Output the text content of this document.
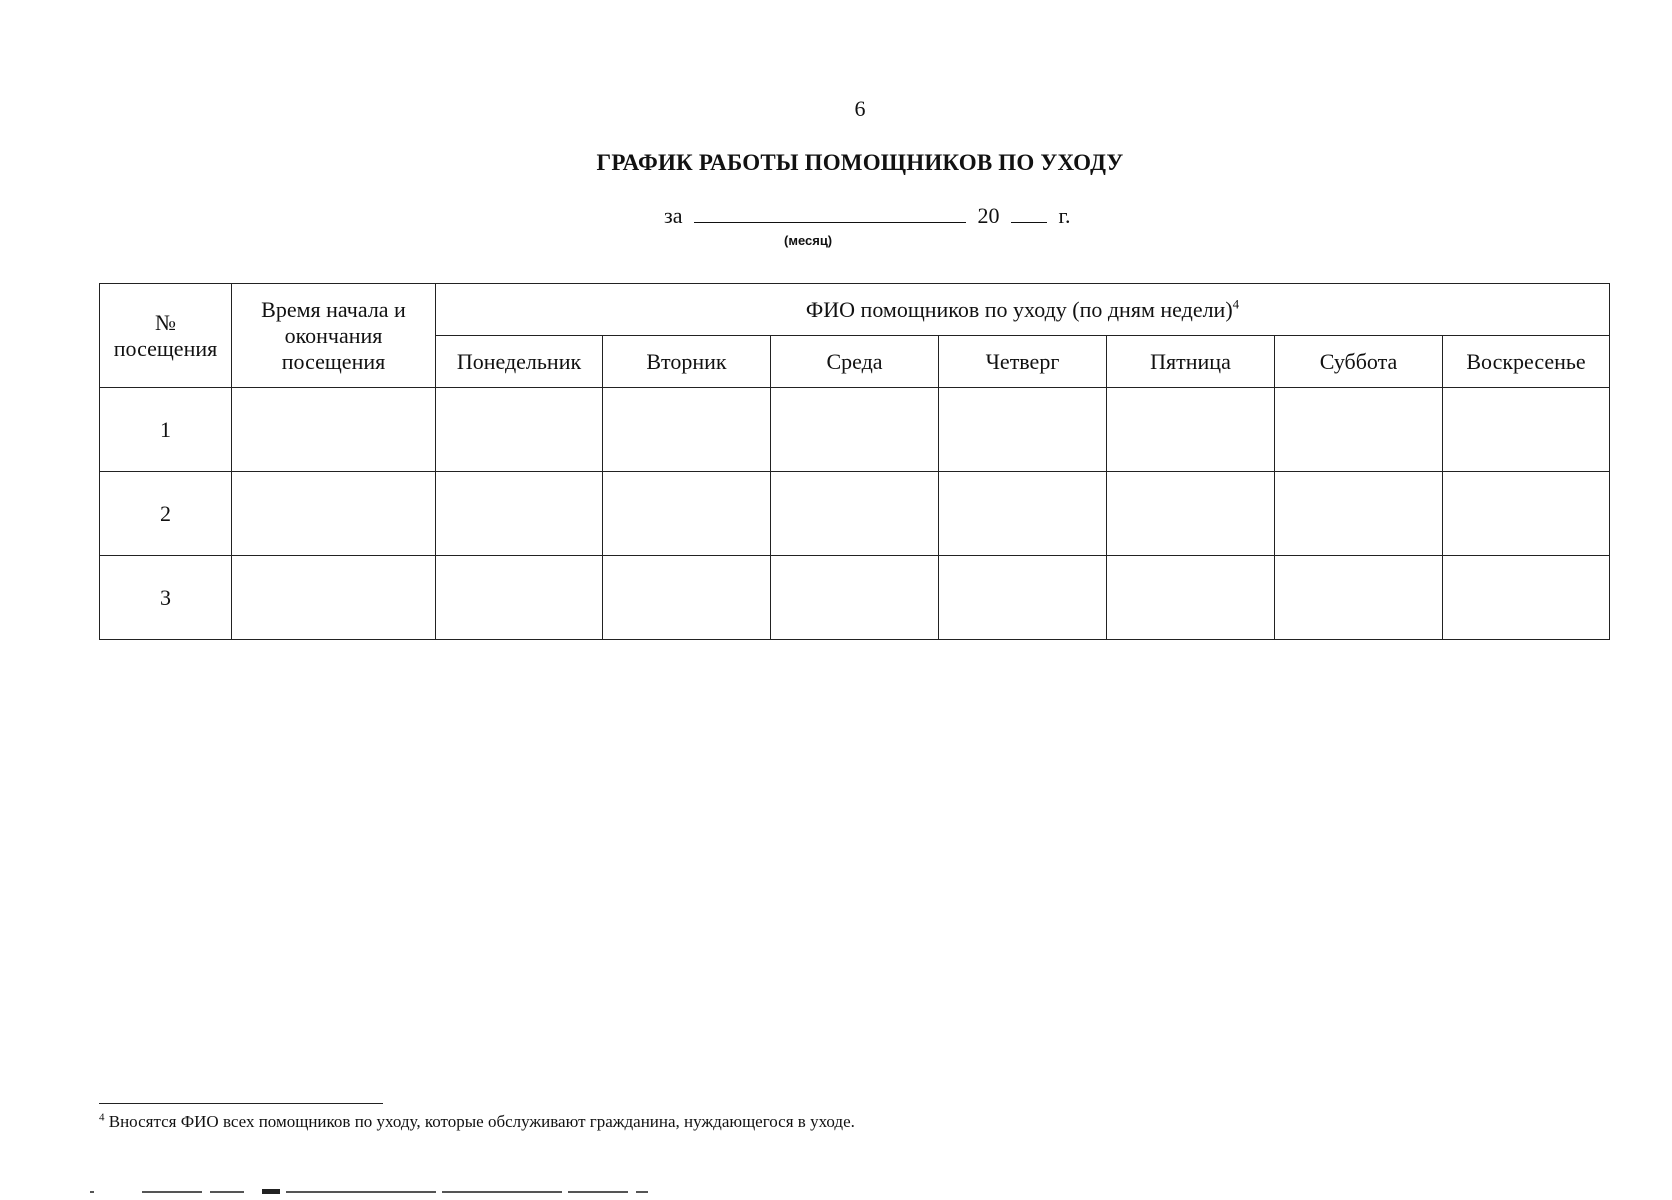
6
ГРАФИК РАБОТЫ ПОМОЩНИКОВ ПО УХОДУ
за	20	г.
(месяц)
№ посещения	Время начала и окончания посещения	ФИО помощников по уходу (по дням недели)$^4$
		Понедельник	Вторник	Среда	Четверг	Пятница	Суббота	Воскресенье
1								
2								
3								
$^4$ Вносятся ФИО всех помощников по уходу, которые обслуживают гражданина, нуждающегося в уходе.
